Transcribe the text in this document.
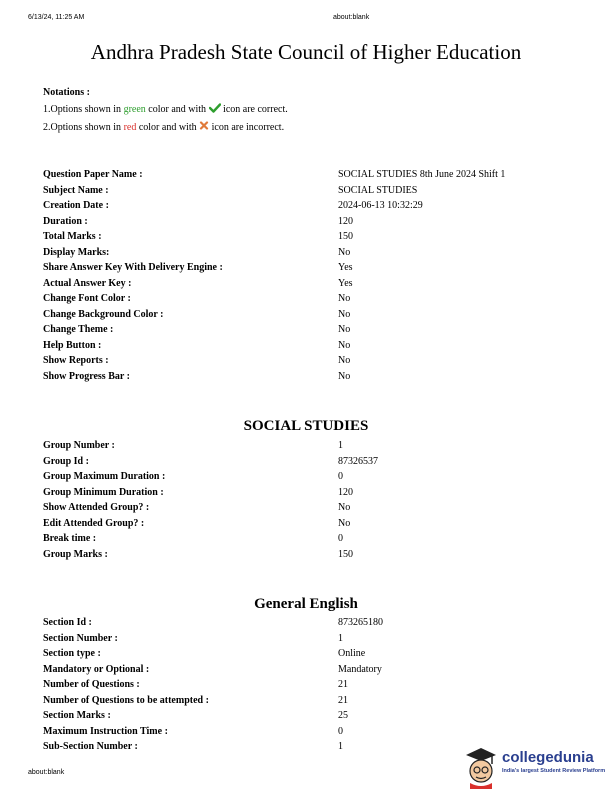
6/13/24, 11:25 AM	about:blank
Andhra Pradesh State Council of Higher Education
Notations :
1.Options shown in green color and with  icon are correct.
2.Options shown in red color and with  icon are incorrect.
Question Paper Name :	SOCIAL STUDIES 8th June 2024 Shift 1
Subject Name :	SOCIAL STUDIES
Creation Date :	2024-06-13 10:32:29
Duration :	120
Total Marks :	150
Display Marks:	No
Share Answer Key With Delivery Engine :	Yes
Actual Answer Key :	Yes
Change Font Color :	No
Change Background Color :	No
Change Theme :	No
Help Button :	No
Show Reports :	No
Show Progress Bar :	No
SOCIAL STUDIES
Group Number :	1
Group Id :	87326537
Group Maximum Duration :	0
Group Minimum Duration :	120
Show Attended Group? :	No
Edit Attended Group? :	No
Break time :	0
Group Marks :	150
General English
Section Id :	873265180
Section Number :	1
Section type :	Online
Mandatory or Optional :	Mandatory
Number of Questions :	21
Number of Questions to be attempted :	21
Section Marks :	25
Maximum Instruction Time :	0
Sub-Section Number :	1
about:blank
collegedunia
India's largest Student Review Platform
